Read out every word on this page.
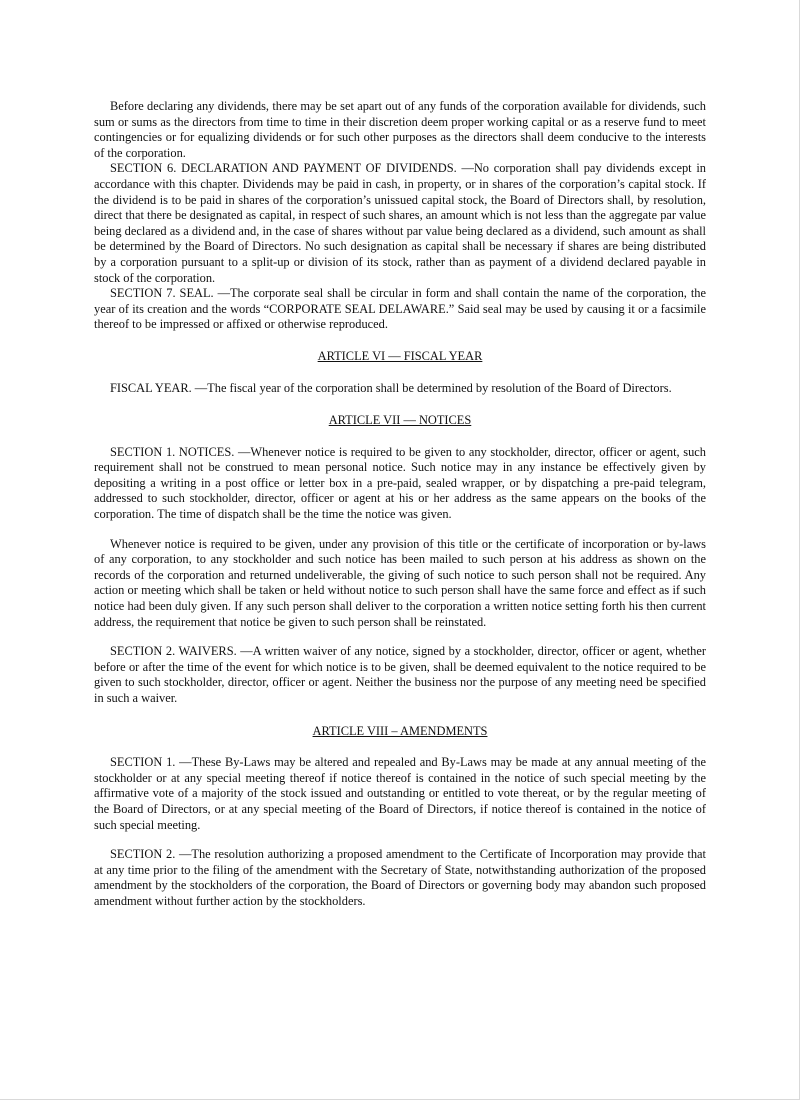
Before declaring any dividends, there may be set apart out of any funds of the corporation available for dividends, such sum or sums as the directors from time to time in their discretion deem proper working capital or as a reserve fund to meet contingencies or for equalizing dividends or for such other purposes as the directors shall deem conducive to the interests of the corporation.

SECTION 6. DECLARATION AND PAYMENT OF DIVIDENDS. —No corporation shall pay dividends except in accordance with this chapter. Dividends may be paid in cash, in property, or in shares of the corporation’s capital stock. If the dividend is to be paid in shares of the corporation’s unissued capital stock, the Board of Directors shall, by resolution, direct that there be designated as capital, in respect of such shares, an amount which is not less than the aggregate par value being declared as a dividend and, in the case of shares without par value being declared as a dividend, such amount as shall be determined by the Board of Directors. No such designation as capital shall be necessary if shares are being distributed by a corporation pursuant to a split-up or division of its stock, rather than as payment of a dividend declared payable in stock of the corporation.

SECTION 7. SEAL. —The corporate seal shall be circular in form and shall contain the name of the corporation, the year of its creation and the words “CORPORATE SEAL DELAWARE.” Said seal may be used by causing it or a facsimile thereof to be impressed or affixed or otherwise reproduced.

ARTICLE VI — FISCAL YEAR

FISCAL YEAR. —The fiscal year of the corporation shall be determined by resolution of the Board of Directors.

ARTICLE VII — NOTICES

SECTION 1. NOTICES. —Whenever notice is required to be given to any stockholder, director, officer or agent, such requirement shall not be construed to mean personal notice. Such notice may in any instance be effectively given by depositing a writing in a post office or letter box in a pre-paid, sealed wrapper, or by dispatching a pre-paid telegram, addressed to such stockholder, director, officer or agent at his or her address as the same appears on the books of the corporation. The time of dispatch shall be the time the notice was given.

Whenever notice is required to be given, under any provision of this title or the certificate of incorporation or by-laws of any corporation, to any stockholder and such notice has been mailed to such person at his address as shown on the records of the corporation and returned undeliverable, the giving of such notice to such person shall not be required. Any action or meeting which shall be taken or held without notice to such person shall have the same force and effect as if such notice had been duly given. If any such person shall deliver to the corporation a written notice setting forth his then current address, the requirement that notice be given to such person shall be reinstated.

SECTION 2. WAIVERS. —A written waiver of any notice, signed by a stockholder, director, officer or agent, whether before or after the time of the event for which notice is to be given, shall be deemed equivalent to the notice required to be given to such stockholder, director, officer or agent. Neither the business nor the purpose of any meeting need be specified in such a waiver.

ARTICLE VIII – AMENDMENTS

SECTION 1. —These By-Laws may be altered and repealed and By-Laws may be made at any annual meeting of the stockholder or at any special meeting thereof if notice thereof is contained in the notice of such special meeting by the affirmative vote of a majority of the stock issued and outstanding or entitled to vote thereat, or by the regular meeting of the Board of Directors, or at any special meeting of the Board of Directors, if notice thereof is contained in the notice of such special meeting.

SECTION 2. —The resolution authorizing a proposed amendment to the Certificate of Incorporation may provide that at any time prior to the filing of the amendment with the Secretary of State, notwithstanding authorization of the proposed amendment by the stockholders of the corporation, the Board of Directors or governing body may abandon such proposed amendment without further action by the stockholders.
